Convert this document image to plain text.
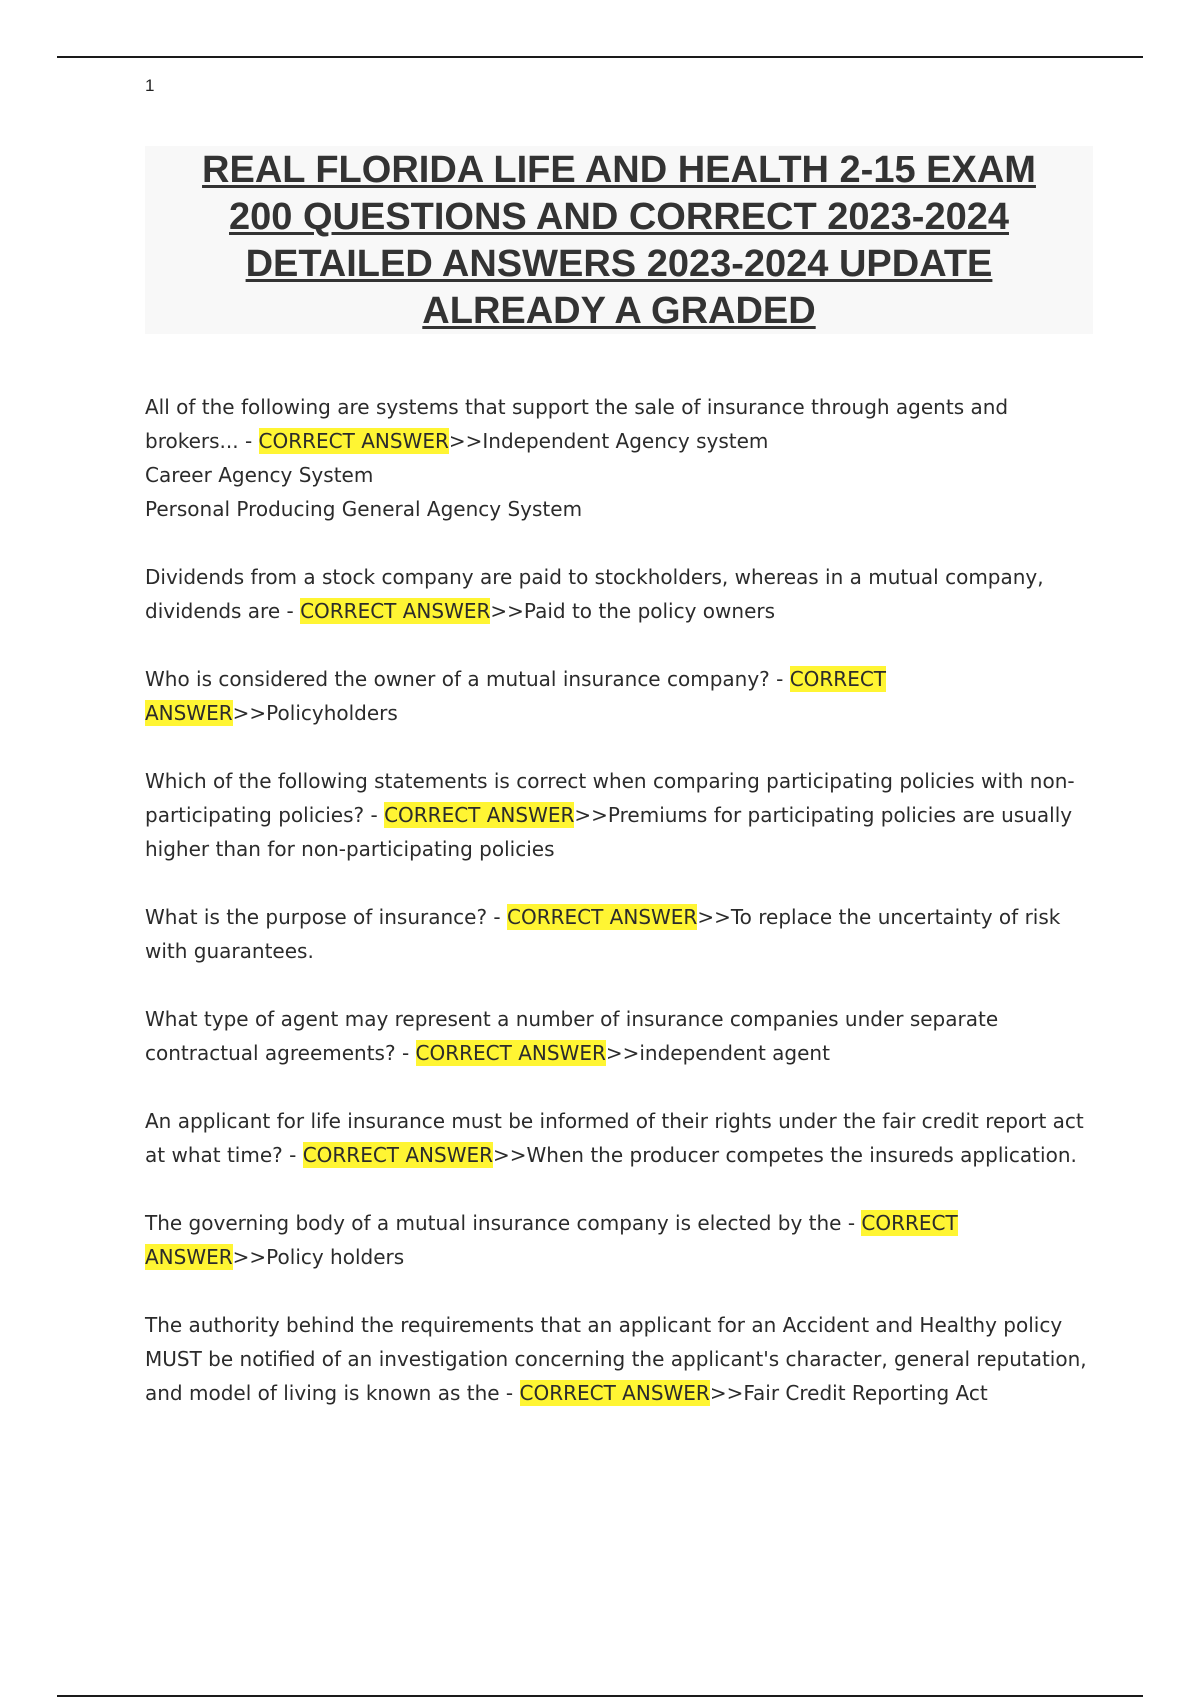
1
REAL FLORIDA LIFE AND HEALTH 2-15 EXAM
200 QUESTIONS AND CORRECT 2023-2024
DETAILED ANSWERS 2023-2024 UPDATE
ALREADY A GRADED

All of the following are systems that support the sale of insurance through agents and brokers... - CORRECT ANSWER>>Independent Agency system

Career Agency System

Personal Producing General Agency System

Dividends from a stock company are paid to stockholders, whereas in a mutual company, dividends are - CORRECT ANSWER>>Paid to the policy owners

Who is considered the owner of a mutual insurance company? - CORRECT ANSWER>>Policyholders

Which of the following statements is correct when comparing participating policies with non-participating policies? - CORRECT ANSWER>>Premiums for participating policies are usually higher than for non-participating policies

What is the purpose of insurance? - CORRECT ANSWER>>To replace the uncertainty of risk with guarantees.

What type of agent may represent a number of insurance companies under separate contractual agreements? - CORRECT ANSWER>>independent agent

An applicant for life insurance must be informed of their rights under the fair credit report act at what time? - CORRECT ANSWER>>When the producer competes the insureds application.

The governing body of a mutual insurance company is elected by the - CORRECT ANSWER>>Policy holders

The authority behind the requirements that an applicant for an Accident and Healthy policy MUST be notified of an investigation concerning the applicant's character, general reputation, and model of living is known as the - CORRECT ANSWER>>Fair Credit Reporting Act
